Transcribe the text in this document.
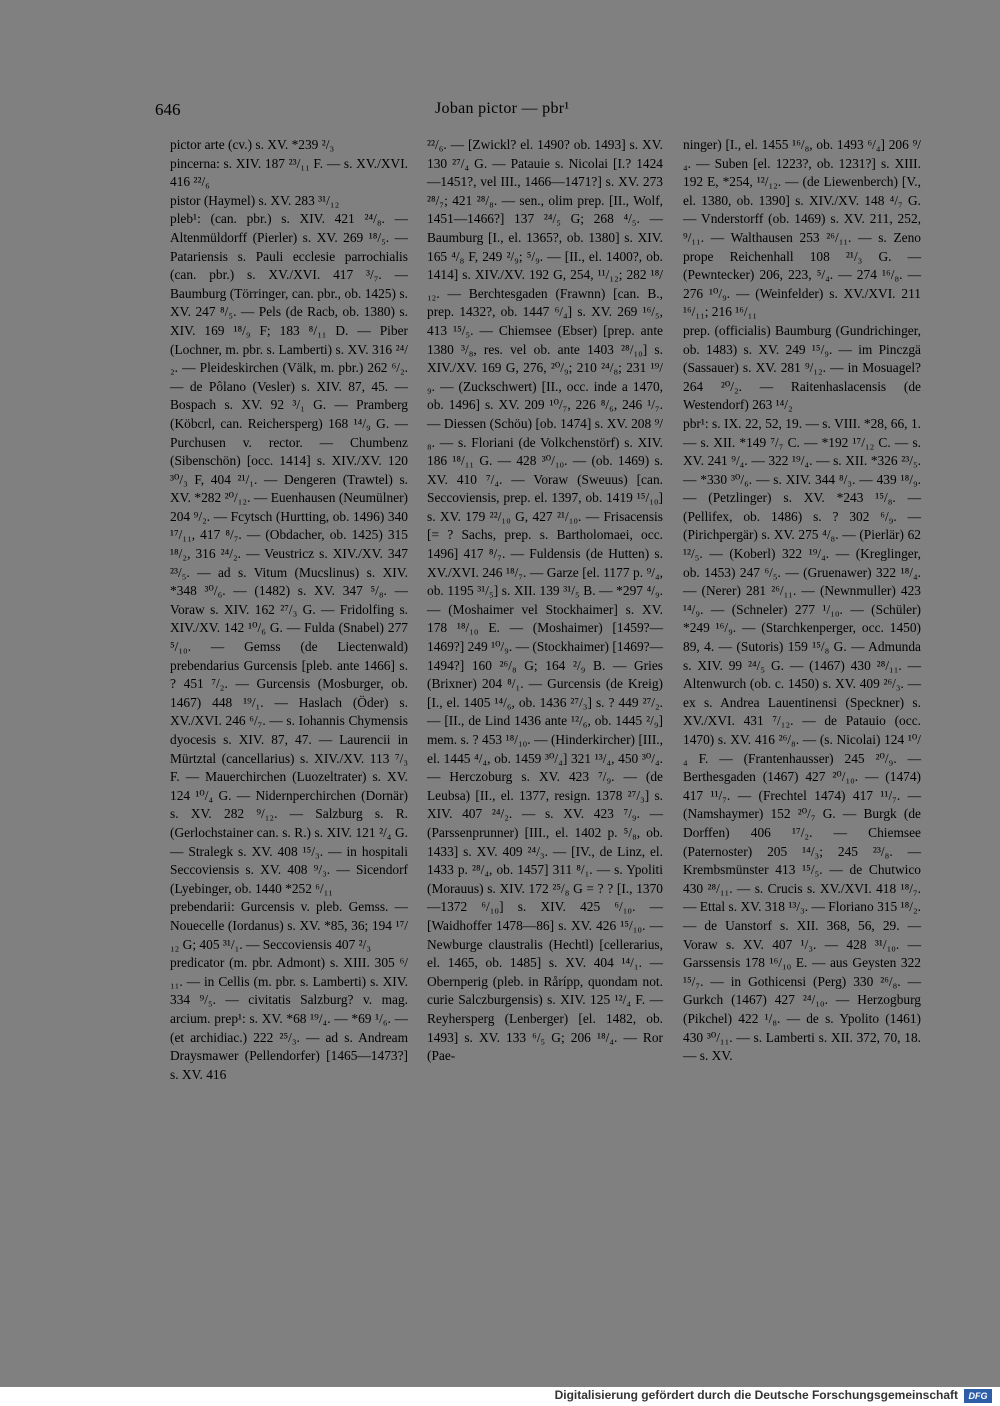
646	Joban pictor — pbr¹

pictor arte (cv.) s. XV. *239 ²/₃

pincerna: s. XIV. 187 ²³/₁₁ F. — s. XV./XVI. 416 ²²/₆

pistor (Haymel) s. XV. 283 ³¹/₁₂

pleb¹: (can. pbr.) s. XIV. 421 ²⁴/₈. — Altenmüldorff (Pierler) s. XV. 269 ¹⁸/₅. — Patariensis s. Pauli ecclesie parrochialis (can. pbr.) s. XV./XVI. 417 ³/₇. — Baumburg (Törringer, can. pbr., ob. 1425) s. XV. 247 ⁸/₅. — Pels (de Racb, ob. 1380) s. XIV. 169 ¹⁸/₉ F; 183 ⁸/₁₁ D. — Piber (Lochner, m. pbr. s. Lamberti) s. XV. 316 ²⁴/₂. — Pleideskirchen (Välk, m. pbr.) 262 ⁶/₂. — de Pôlano (Vesler) s. XIV. 87, 45. — Bospach s. XV. 92 ³/₁ G. — Pramberg (Köbcrl, can. Reichersperg) 168 ¹⁴/₉ G. — Purchusen v. rector. — Chumbenz (Sibenschön) [occ. 1414] s. XIV./XV. 120 ³⁰/₃ F, 404 ²¹/₁. — Dengeren (Trawtel) s. XV. *282 ²⁰/₁₂. — Euenhausen (Neumülner) 204 ⁹/₂. — Fcytsch (Hurtting, ob. 1496) 340 ¹⁷/₁₁, 417 ⁸/₇. — (Obdacher, ob. 1425) 315 ¹⁸/₂, 316 ²⁴/₂. — Veustricz s. XIV./XV. 347 ²³/₅. — ad s. Vitum (Mucslinus) s. XIV. *348 ³⁰/₆. — (1482) s. XV. 347 ⁵/₈. — Voraw s. XIV. 162 ²⁷/₃ G. — Fridolfing s. XIV./XV. 142 ¹⁰/₆ G. — Fulda (Snabel) 277 ⁵/₁₀. — Gemss (de Liectenwald) prebendarius Gurcensis [pleb. ante 1466] s. ? 451 ⁷/₂. — Gurcensis (Mosburger, ob. 1467) 448 ¹⁹/₁. — Haslach (Öder) s. XV./XVI. 246 ⁶/₇. — s. Iohannis Chymensis dyocesis s. XIV. 87, 47. — Laurencii in Mürtztal (cancellarius) s. XIV./XV. 113 ⁷/₃ F. — Mauerchirchen (Luozeltrater) s. XV. 124 ¹⁰/₄ G. — Nidernperchirchen (Dornär) s. XV. 282 ⁹/₁₂. — Salzburg s. R. (Gerlochstainer can. s. R.) s. XIV. 121 ²/₄ G. — Stralegk s. XV. 408 ¹⁵/₃. — in hospitali Seccoviensis s. XV. 408 ⁹/₃. — Sicendorf (Lyebinger, ob. 1440 *252 ⁶/₁₁

prebendarii: Gurcensis v. pleb. Gemss. — Nouecelle (Iordanus) s. XV. *85, 36; 194 ¹⁷/₁₂ G; 405 ³¹/₁. — Seccoviensis 407 ²/₃

predicator (m. pbr. Admont) s. XIII. 305 ⁶/₁₁. — in Cellis (m. pbr. s. Lamberti) s. XIV. 334 ⁹/₅. — civitatis Salzburg? v. mag. arcium. prep¹: s. XV. *68 ¹⁹/₄. — *69 ¹/₆. — (et archidiac.) 222 ²⁵/₃. — ad s. Andream Draysmawer (Pellendorfer) [1465—1473?] s. XV. 416

²²/₆. — [Zwickl? el. 1490? ob. 1493] s. XV. 130 ²⁷/₄ G. — Patauie s. Nicolai [I.? 1424—1451?, vel III., 1466—1471?] s. XV. 273 ²⁸/₇; 421 ²⁸/₈. — sen., olim prep. [II., Wolf, 1451—1466?] 137 ²⁴/₅ G; 268 ⁴/₅. — Baumburg [I., el. 1365?, ob. 1380] s. XIV. 165 ⁴/₈ F, 249 ²/₉; ⁵/₉. — [II., el. 1400?, ob. 1414] s. XIV./XV. 192 G, 254, ¹¹/₁₂; 282 ¹⁸/₁₂. — Berchtesgaden (Frawnn) [can. B., prep. 1432?, ob. 1447 ⁶/₄] s. XV. 269 ¹⁶/₅, 413 ¹⁵/₅. — Chiemsee (Ebser) [prep. ante 1380 ³/₈, res. vel ob. ante 1403 ²⁸/₁₀] s. XIV./XV. 169 G, 276, ²⁰/₉; 210 ²⁴/₈; 231 ¹⁹/₉. — (Zuckschwert) [II., occ. inde a 1470, ob. 1496] s. XV. 209 ¹⁰/₇, 226 ⁸/₆, 246 ¹/₇. — Diessen (Schöu) [ob. 1474] s. XV. 208 ⁹/₈. — s. Floriani (de Volkchenstörf) s. XIV. 186 ¹⁸/₁₁ G. — 428 ³⁰/₁₀. — (ob. 1469) s. XV. 410 ⁷/₄. — Voraw (Sweuus) [can. Seccoviensis, prep. el. 1397, ob. 1419 ¹⁵/₁₀] s. XV. 179 ²²/₁₀ G, 427 ²¹/₁₀. — Frisacensis [= ? Sachs, prep. s. Bartholomaei, occ. 1496] 417 ⁸/₇. — Fuldensis (de Hutten) s. XV./XVI. 246 ¹⁸/₇. — Garze [el. 1177 p. ⁹/₄, ob. 1195 ³¹/₅] s. XII. 139 ³¹/₅ B. — *297 ⁴/₉. — (Moshaimer vel Stockhaimer] s. XV. 178 ¹⁸/₁₀ E. — (Moshaimer) [1459?—1469?] 249 ¹⁰/₉. — (Stockhaimer) [1469?—1494?] 160 ²⁶/₈ G; 164 ²/₉ B. — Gries (Brixner) 204 ⁸/₁. — Gurcensis (de Kreig) [I., el. 1405 ¹⁴/₆, ob. 1436 ²⁷/₃] s. ? 449 ²⁷/₂. — [II., de Lind 1436 ante ¹²/₆, ob. 1445 ²/₉] mem. s. ? 453 ¹⁸/₁₀. — (Hinderkircher) [III., el. 1445 ⁴/₄, ob. 1459 ³⁰/₄] 321 ¹³/₄, 450 ³⁰/₄. — Herczoburg s. XV. 423 ⁷/₉. — (de Leubsa) [II., el. 1377, resign. 1378 ²⁷/₃] s. XIV. 407 ²⁴/₂. — s. XV. 423 ⁷/₉. — (Parssenprunner) [III., el. 1402 p. ⁵/₈, ob. 1433] s. XV. 409 ²⁴/₃. — [IV., de Linz, el. 1433 p. ²⁸/₄, ob. 1457] 311 ⁸/₁. — s. Ypoliti (Morauus) s. XIV. 172 ²⁵/₈ G = ? ? [I., 1370—1372 ⁶/₁₀] s. XIV. 425 ⁶/₁₀. — [Waidhoffer 1478—86] s. XV. 426 ¹⁵/₁₀. — Newburge claustralis (Hechtl) [cellerarius, el. 1465, ob. 1485] s. XV. 404 ¹⁴/₁. — Obernperig (pleb. in Rårípp, quondam not. curie Salczburgensis) s. XIV. 125 ¹²/₄ F. — Reyhersperg (Lenberger) [el. 1482, ob. 1493] s. XV. 133 ⁶/₅ G; 206 ¹⁸/₄. — Ror (Pae-

ninger) [I., el. 1455 ¹⁶/₈, ob. 1493 ⁶/₄] 206 ⁹/₄. — Suben [el. 1223?, ob. 1231?] s. XIII. 192 E, *254, ¹²/₁₂. — (de Liewenberch) [V., el. 1380, ob. 1390] s. XIV./XV. 148 ⁴/₇ G. — Vnderstorff (ob. 1469) s. XV. 211, 252, ⁹/₁₁. — Walthausen 253 ²⁶/₁₁. — s. Zeno prope Reichenhall 108 ²¹/₃ G. — (Pewntecker) 206, 223, ⁵/₄. — 274 ¹⁶/₈. — 276 ¹⁰/₉. — (Weinfelder) s. XV./XVI. 211 ¹⁶/₁₁; 216 ¹⁶/₁₁

prep. (officialis) Baumburg (Gundrichinger, ob. 1483) s. XV. 249 ¹⁵/₉. — im Pinczgä (Sassauer) s. XV. 281 ⁹/₁₂. — in Mosuagel? 264 ²⁰/₂. — Raitenhaslacensis (de Westendorf) 263 ¹⁴/₂

pbr¹: s. IX. 22, 52, 19. — s. VIII. *28, 66, 1. — s. XII. *149 ⁷/₇ C. — *192 ¹⁷/₁₂ C. — s. XV. 241 ⁹/₄. — 322 ¹⁹/₄. — s. XII. *326 ²³/₅. — *330 ³⁰/₆. — s. XIV. 344 ⁸/₃. — 439 ¹⁸/₉. — (Petzlinger) s. XV. *243 ¹⁵/₈. — (Pellifex, ob. 1486) s. ? 302 ⁶/₉. — (Pirichpergär) s. XV. 275 ⁴/₈. — (Pierlär) 62 ¹²/₅. — (Koberl) 322 ¹⁹/₄. — (Kreglinger, ob. 1453) 247 ⁶/₅. — (Gruenawer) 322 ¹⁸/₄. — (Nerer) 281 ²⁶/₁₁. — (Newnmuller) 423 ¹⁴/₉. — (Schneler) 277 ¹/₁₀. — (Schüler) *249 ¹⁶/₉. — (Starchkenperger, occ. 1450) 89, 4. — (Sutoris) 159 ¹⁵/₈ G. — Admunda s. XIV. 99 ²⁴/₅ G. — (1467) 430 ²⁸/₁₁. — Altenwurch (ob. c. 1450) s. XV. 409 ²⁶/₃. — ex s. Andrea Lauentinensi (Speckner) s. XV./XVI. 431 ⁷/₁₂. — de Patauio (occ. 1470) s. XV. 416 ²⁶/₈. — (s. Nicolai) 124 ¹⁰/₄ F. — (Frantenhausser) 245 ²⁰/₉. — Berthesgaden (1467) 427 ²⁰/₁₀. — (1474) 417 ¹¹/₇. — (Frechtel 1474) 417 ¹¹/₇. — (Namshaymer) 152 ²⁰/₇ G. — Burgk (de Dorffen) 406 ¹⁷/₂. — Chiemsee (Paternoster) 205 ¹⁴/₃; 245 ²³/₈. — Krembsmünster 413 ¹⁵/₅. — de Chutwico 430 ²⁸/₁₁. — s. Crucis s. XV./XVI. 418 ¹⁸/₇. — Ettal s. XV. 318 ¹³/₃. — Floriano 315 ¹⁸/₂. — de Uanstorf s. XII. 368, 56, 29. — Voraw s. XV. 407 ¹/₃. — 428 ³¹/₁₀. — Garssensis 178 ¹⁶/₁₀ E. — aus Geysten 322 ¹⁵/₇. — in Gothicensi (Perg) 330 ²⁶/₈. — Gurkch (1467) 427 ²⁴/₁₀. — Herzogburg (Pikchel) 422 ¹/₈. — de s. Ypolito (1461) 430 ³⁰/₁₁. — s. Lamberti s. XII. 372, 70, 18. — s. XV.

Digitalisierung gefördert durch die Deutsche Forschungsgemeinschaft	DFG
